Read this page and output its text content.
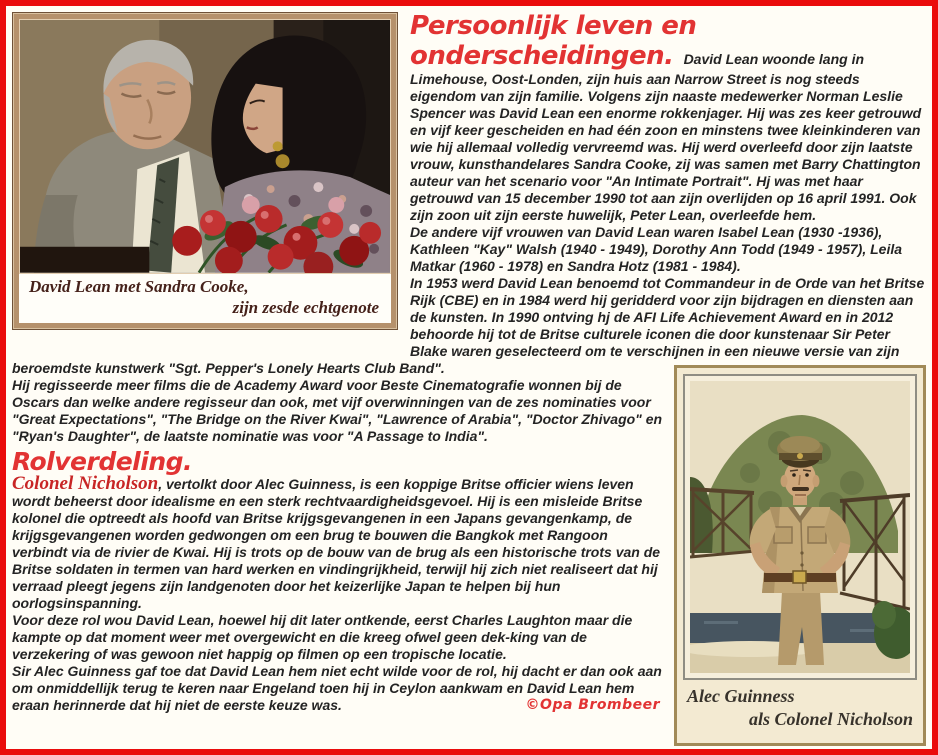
David Lean met Sandra Cooke,
zijn zesde echtgenote

Persoonlijk leven en onderscheidingen. David Lean woonde lang in Limehouse, Oost-Londen, zijn huis aan Narrow Street is nog steeds eigendom van zijn familie. Volgens zijn naaste medewerker Norman Leslie Spencer was David Lean een enorme rokkenjager. Hij was zes keer getrouwd en vijf keer gescheiden en had één zoon en minstens twee kleinkinderen van wie hij allemaal volledig vervreemd was. Hij werd overleefd door zijn laatste vrouw, kunsthandelares Sandra Cooke, zij was samen met Barry Chattington auteur van het scenario voor "An Intimate Portrait". Hj was met haar getrouwd van 15 december 1990 tot aan zijn overlijden op 16 april 1991. Ook zijn zoon uit zijn eerste huwelijk, Peter Lean, overleefde hem.
De andere vijf vrouwen van David Lean waren Isabel Lean (1930 -1936), Kathleen "Kay" Walsh (1940 - 1949), Dorothy Ann Todd (1949 - 1957), Leila Matkar (1960 - 1978) en Sandra Hotz (1981 - 1984).

In 1953 werd David Lean benoemd tot Commandeur in de Orde van het Britse Rijk (CBE) en in 1984 werd hij geridderd voor zijn bijdragen en diensten aan de kunsten. In 1990 ontving hj de AFI Life Achievement Award en in 2012 behoorde hij tot de Britse culturele iconen die door kunstenaar Sir Peter Blake waren geselecteerd om te verschijnen in een nieuwe versie van zijn beroemdste kunstwerk "Sgt. Pepper's Lonely Hearts Club Band".

Alec Guinness
als Colonel Nicholson

Hij regisseerde meer films die de Academy Award voor Beste Cinematografie wonnen bij de Oscars dan welke andere regisseur dan ook, met vijf overwinningen van de zes nominaties voor "Great Expectations", "The Bridge on the River Kwai", "Lawrence of Arabia", "Doctor Zhivago" en "Ryan's Daughter", de laatste nominatie was voor "A Passage to India".

Rolverdeling.

Colonel Nicholson, vertolkt door Alec Guinness, is een koppige Britse officier wiens leven wordt beheerst door idealisme en een sterk rechtvaardigheidsgevoel. Hij is een misleide Britse kolonel die optreedt als hoofd van Britse krijgsgevangenen in een Japans gevangenkamp, de krijgsgevangenen worden gedwongen om een brug te bouwen die Bangkok met Rangoon verbindt via de rivier de Kwai. Hij is trots op de bouw van de brug als een historische trots van de Britse soldaten in termen van hard werken en vindingrijkheid, terwijl hij zich niet realiseert dat hij verraad pleegt jegens zijn landgenoten door het keizerlijke Japan te helpen bij hun oorlogsinspanning.

Voor deze rol wou David Lean, hoewel hij dit later ontkende, eerst Charles Laughton maar die kampte op dat moment weer met overgewicht en die kreeg ofwel geen dek-king van de verzekering of was gewoon niet happig op filmen op een tropische locatie.

Sir Alec Guinness gaf toe dat David Lean hem niet echt wilde voor de rol, hij dacht er dan ook aan om onmiddellijk terug te keren naar Engeland toen hij in Ceylon aankwam en David Lean hem eraan herinnerde dat hij niet de eerste keuze was.	©Opa Brombeer
